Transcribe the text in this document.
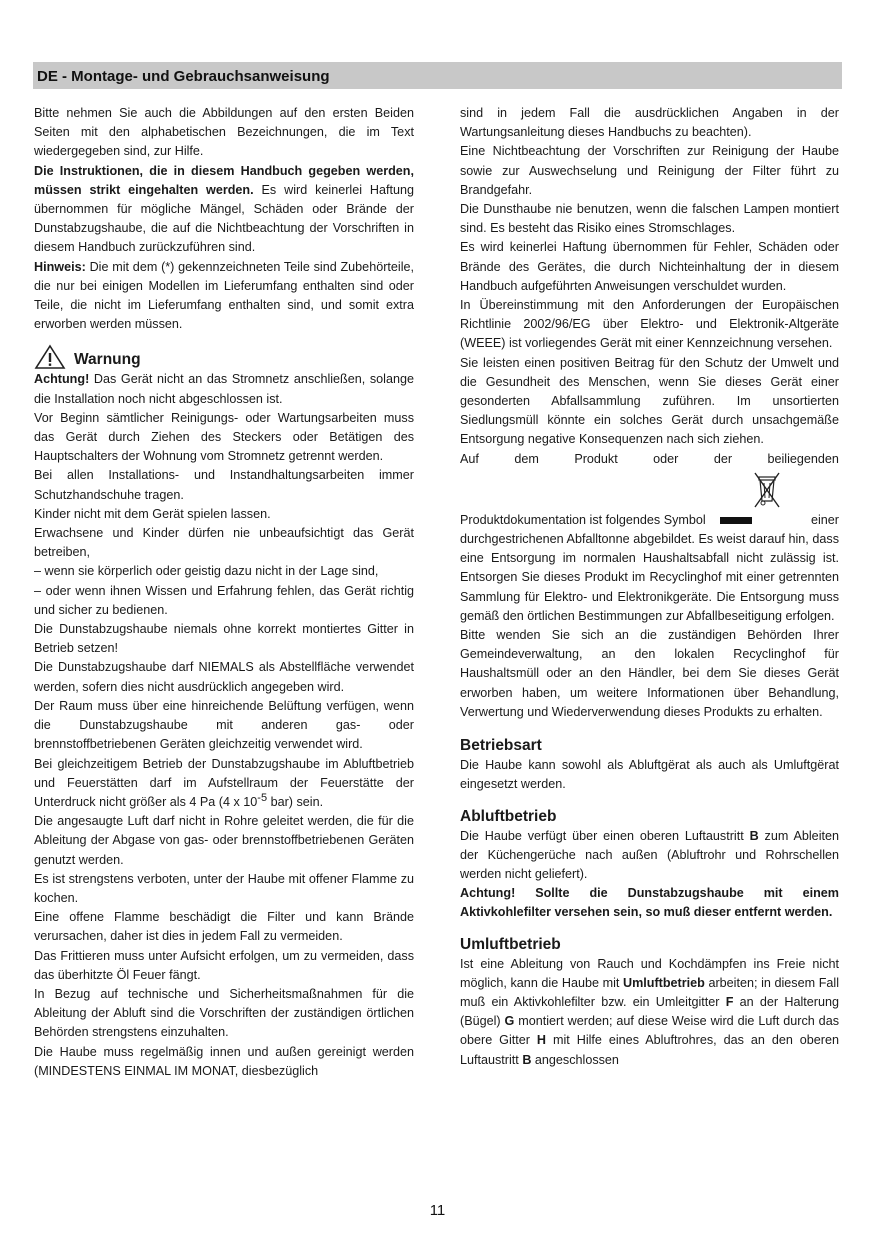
DE - Montage- und Gebrauchsanweisung

Bitte nehmen Sie auch die Abbildungen auf den ersten Beiden Seiten mit den alphabetischen Bezeichnungen, die im Text wiedergegeben sind, zur Hilfe.

Die Instruktionen, die in diesem Handbuch gegeben werden, müssen strikt eingehalten werden. Es wird keinerlei Haftung übernommen für mögliche Mängel, Schäden oder Brände der Dunstabzugshaube, die auf die Nichtbeachtung der Vorschriften in diesem Handbuch zurückzuführen sind.

Hinweis: Die mit dem (*) gekennzeichneten Teile sind Zubehörteile, die nur bei einigen Modellen im Lieferumfang enthalten sind oder Teile, die nicht im Lieferumfang enthalten sind, und somit extra erworben werden müssen.

Warnung

Achtung! Das Gerät nicht an das Stromnetz anschließen, solange die Installation noch nicht abgeschlossen ist.

Vor Beginn sämtlicher Reinigungs- oder Wartungsarbeiten muss das Gerät durch Ziehen des Steckers oder Betätigen des Hauptschalters der Wohnung vom Stromnetz getrennt werden.

Bei allen Installations- und Instandhaltungsarbeiten immer Schutzhandschuhe tragen.

Kinder nicht mit dem Gerät spielen lassen.

Erwachsene und Kinder dürfen nie unbeaufsichtigt das Gerät betreiben,

– wenn sie körperlich oder geistig dazu nicht in der Lage sind,

– oder wenn ihnen Wissen und Erfahrung fehlen, das Gerät richtig und sicher zu bedienen.

Die Dunstabzugshaube niemals ohne korrekt montiertes Gitter in Betrieb setzen!

Die Dunstabzugshaube darf NIEMALS als Abstellfläche verwendet werden, sofern dies nicht ausdrücklich angegeben wird.

Der Raum muss über eine hinreichende Belüftung verfügen, wenn die Dunstabzugshaube mit anderen gas- oder brennstoffbetriebenen Geräten gleichzeitig verwendet wird.

Bei gleichzeitigem Betrieb der Dunstabzugshaube im Abluftbetrieb und Feuerstätten darf im Aufstellraum der Feuerstätte der Unterdruck nicht größer als 4 Pa (4 x $10^{-5}$ bar) sein.

Die angesaugte Luft darf nicht in Rohre geleitet werden, die für die Ableitung der Abgase von gas- oder brennstoffbetriebenen Geräten genutzt werden.

Es ist strengstens verboten, unter der Haube mit offener Flamme zu kochen.

Eine offene Flamme beschädigt die Filter und kann Brände verursachen, daher ist dies in jedem Fall zu vermeiden.

Das Frittieren muss unter Aufsicht erfolgen, um zu vermeiden, dass das überhitzte Öl Feuer fängt.

In Bezug auf technische und Sicherheitsmaßnahmen für die Ableitung der Abluft sind die Vorschriften der zuständigen örtlichen Behörden strengstens einzuhalten.

Die Haube muss regelmäßig innen und außen gereinigt werden (MINDESTENS EINMAL IM MONAT, diesbezüglich

sind in jedem Fall die ausdrücklichen Angaben in der Wartungsanleitung dieses Handbuchs zu beachten).

Eine Nichtbeachtung der Vorschriften zur Reinigung der Haube sowie zur Auswechselung und Reinigung der Filter führt zu Brandgefahr.

Die Dunsthaube nie benutzen, wenn die falschen Lampen montiert sind. Es besteht das Risiko eines Stromschlages.

Es wird keinerlei Haftung übernommen für Fehler, Schäden oder Brände des Gerätes, die durch Nichteinhaltung der in diesem Handbuch aufgeführten Anweisungen verschuldet wurden.

In Übereinstimmung mit den Anforderungen der Europäischen Richtlinie 2002/96/EG über Elektro- und Elektronik-Altgeräte (WEEE) ist vorliegendes Gerät mit einer Kennzeichnung versehen.

Sie leisten einen positiven Beitrag für den Schutz der Umwelt und die Gesundheit des Menschen, wenn Sie dieses Gerät einer gesonderten Abfallsammlung zuführen. Im unsortierten Siedlungsmüll könnte ein solches Gerät durch unsachgemäße Entsorgung negative Konsequenzen nach sich ziehen.

Auf	dem	Produkt	oder	der	beiliegenden

Produktdokumentation ist folgendes Symbol	einer

durchgestrichenen Abfalltonne abgebildet. Es weist darauf hin, dass eine Entsorgung im normalen Haushaltsabfall nicht zulässig ist. Entsorgen Sie dieses Produkt im Recyclinghof mit einer getrennten Sammlung für Elektro- und Elektronikgeräte. Die Entsorgung muss gemäß den örtlichen Bestimmungen zur Abfallbeseitigung erfolgen.

Bitte wenden Sie sich an die zuständigen Behörden Ihrer Gemeindeverwaltung, an den lokalen Recyclinghof für Haushaltsmüll oder an den Händler, bei dem Sie dieses Gerät erworben haben, um weitere Informationen über Behandlung, Verwertung und Wiederverwendung dieses Produkts zu erhalten.

Betriebsart

Die Haube kann sowohl als Abluftgërat als auch als Umluftgërat eingesetzt werden.

Abluftbetrieb

Die Haube verfügt über einen oberen Luftaustritt B zum Ableiten der Küchengerüche nach außen (Abluftrohr und Rohrschellen werden nicht geliefert).

Achtung! Sollte die Dunstabzugshaube mit einem Aktivkohlefilter versehen sein, so muß dieser entfernt werden.

Umluftbetrieb

Ist eine Ableitung von Rauch und Kochdämpfen ins Freie nicht möglich, kann die Haube mit Umluftbetrieb arbeiten; in diesem Fall muß ein Aktivkohlefilter bzw. ein Umleitgitter F an der Halterung (Bügel) G montiert werden; auf diese Weise wird die Luft durch das obere Gitter H mit Hilfe eines Abluftrohres, das an den oberen Luftaustritt B angeschlossen

11
